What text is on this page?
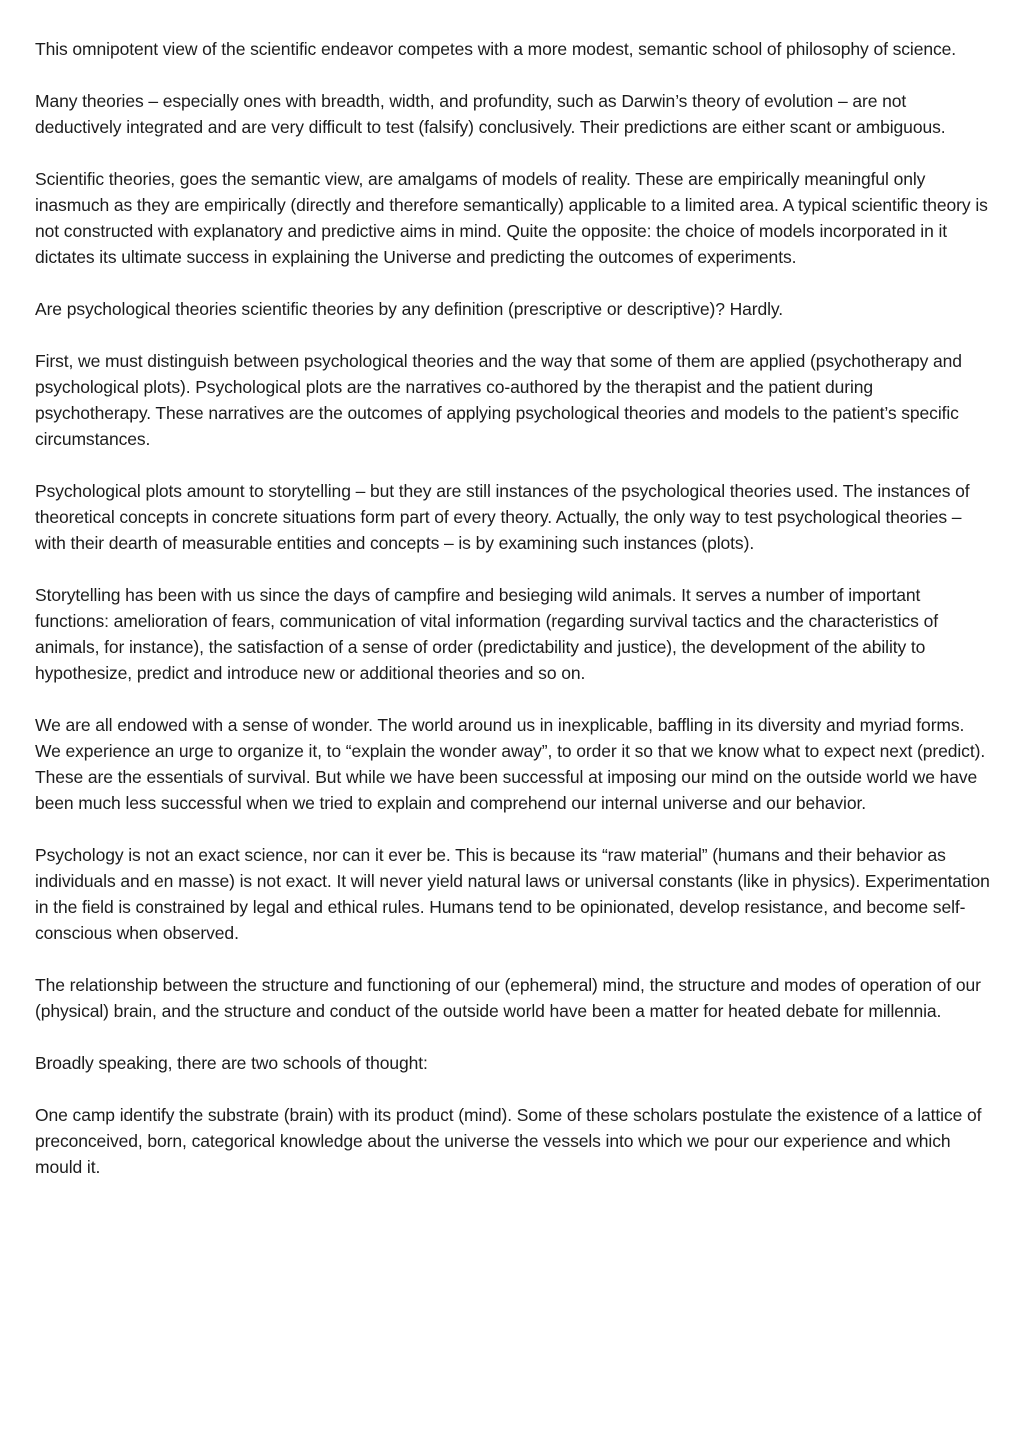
This omnipotent view of the scientific endeavor competes with a more modest, semantic school of philosophy of science.

Many theories – especially ones with breadth, width, and profundity, such as Darwin’s theory of evolution – are not deductively integrated and are very difficult to test (falsify) conclusively. Their predictions are either scant or ambiguous.

Scientific theories, goes the semantic view, are amalgams of models of reality. These are empirically meaningful only inasmuch as they are empirically (directly and therefore semantically) applicable to a limited area. A typical scientific theory is not constructed with explanatory and predictive aims in mind. Quite the opposite: the choice of models incorporated in it dictates its ultimate success in explaining the Universe and predicting the outcomes of experiments.

Are psychological theories scientific theories by any definition (prescriptive or descriptive)? Hardly.

First, we must distinguish between psychological theories and the way that some of them are applied (psychotherapy and psychological plots). Psychological plots are the narratives co-authored by the therapist and the patient during psychotherapy. These narratives are the outcomes of applying psychological theories and models to the patient’s specific circumstances.

Psychological plots amount to storytelling – but they are still instances of the psychological theories used. The instances of theoretical concepts in concrete situations form part of every theory. Actually, the only way to test psychological theories – with their dearth of measurable entities and concepts – is by examining such instances (plots).

Storytelling has been with us since the days of campfire and besieging wild animals. It serves a number of important functions: amelioration of fears, communication of vital information (regarding survival tactics and the characteristics of animals, for instance), the satisfaction of a sense of order (predictability and justice), the development of the ability to hypothesize, predict and introduce new or additional theories and so on.

We are all endowed with a sense of wonder. The world around us in inexplicable, baffling in its diversity and myriad forms. We experience an urge to organize it, to “explain the wonder away”, to order it so that we know what to expect next (predict). These are the essentials of survival. But while we have been successful at imposing our mind on the outside world we have been much less successful when we tried to explain and comprehend our internal universe and our behavior.

Psychology is not an exact science, nor can it ever be. This is because its “raw material” (humans and their behavior as individuals and en masse) is not exact. It will never yield natural laws or universal constants (like in physics). Experimentation in the field is constrained by legal and ethical rules. Humans tend to be opinionated, develop resistance, and become self-conscious when observed.

The relationship between the structure and functioning of our (ephemeral) mind, the structure and modes of operation of our (physical) brain, and the structure and conduct of the outside world have been a matter for heated debate for millennia.

Broadly speaking, there are two schools of thought:

One camp identify the substrate (brain) with its product (mind). Some of these scholars postulate the existence of a lattice of preconceived, born, categorical knowledge about the universe the vessels into which we pour our experience and which mould it.
